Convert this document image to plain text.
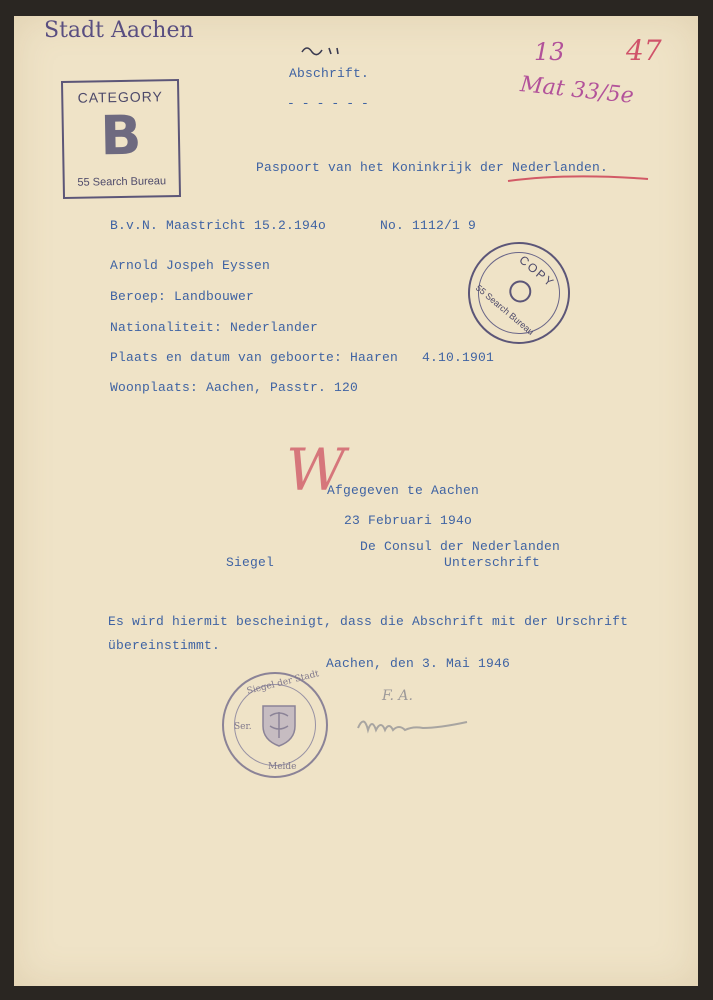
Stadt Aachen
CATEGORY
B
55 Search Bureau
Abschrift.
------
13 47
Mat 33/5e
Paspoort van het Koninkrijk der Nederlanden.
B.v.N. Maastricht 15.2.194o	No. 1112/1 9
Arnold Jospeh Eyssen
Beroep: Landbouwer
Nationaliteit: Nederlander
Plaats en datum van geboorte: Haaren   4.10.1901
Woonplaats: Aachen, Passtr. 120
COPY
55 Search Bureau
W
Afgegeven te Aachen
23 Februari 194o
De Consul der Nederlanden
Unterschrift
Siegel
Es wird hiermit bescheinigt, dass die Abschrift mit der Urschrift
übereinstimmt.
Aachen, den 3. Mai 1946
Siegel der Stadt
Ser.
Melde
F. A.
